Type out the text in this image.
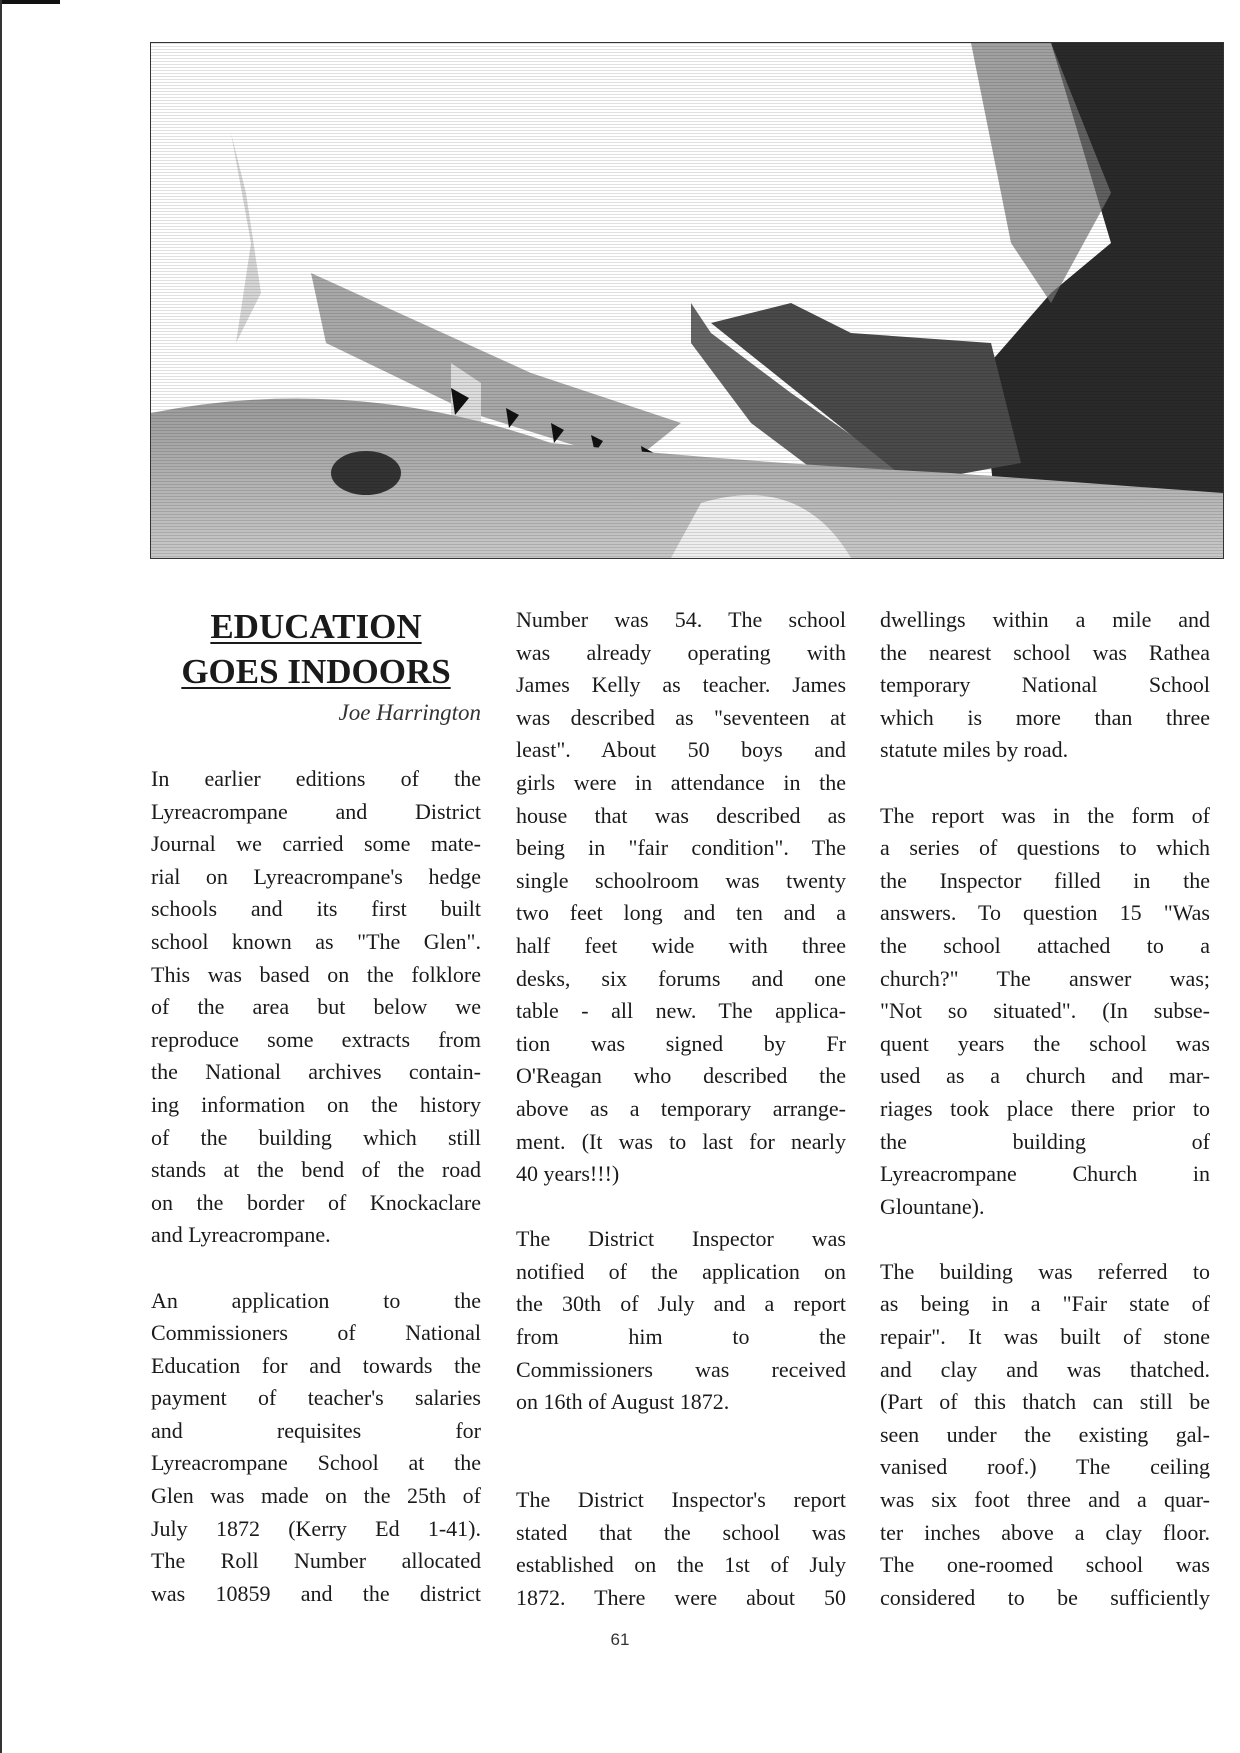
EDUCATION
GOES INDOORS
Joe Harrington
In earlier editions of the
Lyreacrompane and District
Journal we carried some mate-
rial on Lyreacrompane's hedge
schools and its first built
school known as "The Glen".
This was based on the folklore
of the area but below we
reproduce some extracts from
the National archives contain-
ing information on the history
of the building which still
stands at the bend of the road
on the border of Knockaclare
and Lyreacrompane.
An application to the
Commissioners of National
Education for and towards the
payment of teacher's salaries
and requisites for
Lyreacrompane School at the
Glen was made on the 25th of
July 1872 (Kerry Ed 1-41).
The Roll Number allocated
was 10859 and the district
Number was 54. The school
was already operating with
James Kelly as teacher. James
was described as "seventeen at
least". About 50 boys and
girls were in attendance in the
house that was described as
being in "fair condition". The
single schoolroom was twenty
two feet long and ten and a
half feet wide with three
desks, six forums and one
table - all new. The applica-
tion was signed by Fr
O'Reagan who described the
above as a temporary arrange-
ment. (It was to last for nearly
40 years!!!)
The District Inspector was
notified of the application on
the 30th of July and a report
from him to the
Commissioners was received
on 16th of August 1872.
The District Inspector's report
stated that the school was
established on the 1st of July
1872. There were about 50
dwellings within a mile and
the nearest school was Rathea
temporary National School
which is more than three
statute miles by road.
The report was in the form of
a series of questions to which
the Inspector filled in the
answers. To question 15 "Was
the school attached to a
church?" The answer was;
"Not so situated". (In subse-
quent years the school was
used as a church and mar-
riages took place there prior to
the building of
Lyreacrompane Church in
Glountane).
The building was referred to
as being in a "Fair state of
repair". It was built of stone
and clay and was thatched.
(Part of this thatch can still be
seen under the existing gal-
vanised roof.) The ceiling
was six foot three and a quar-
ter inches above a clay floor.
The one-roomed school was
considered to be sufficiently
61
